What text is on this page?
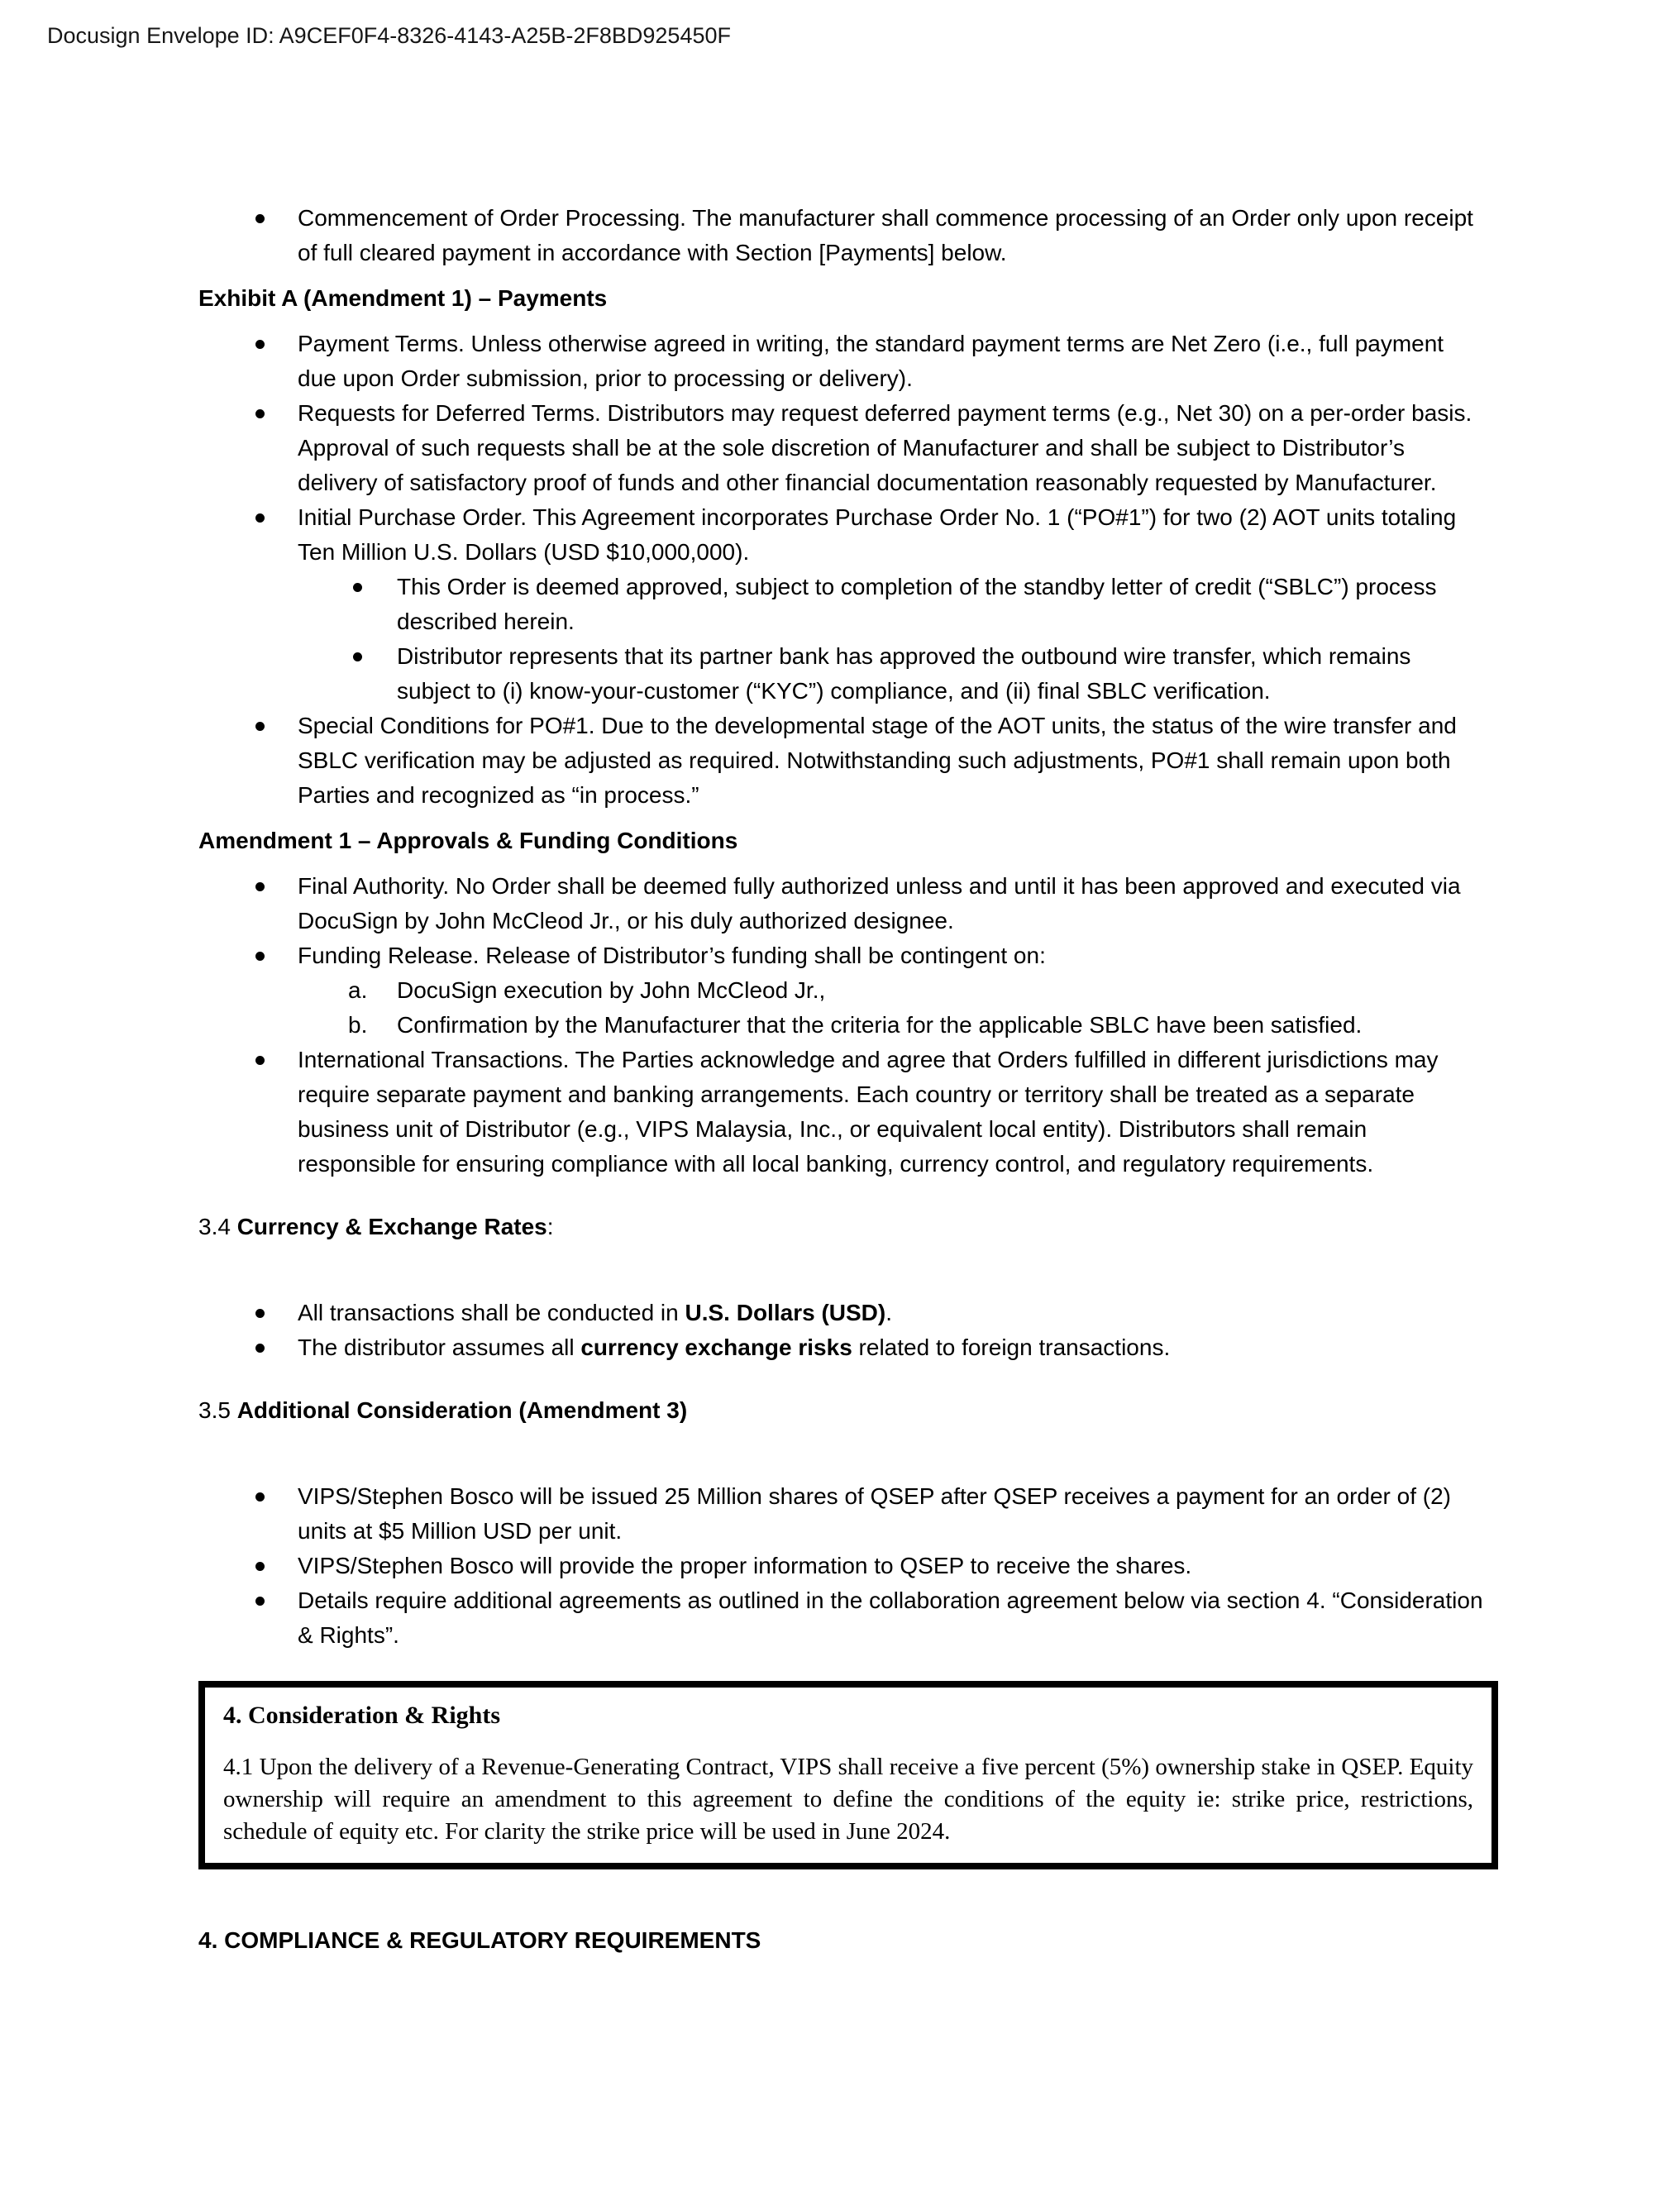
Docusign Envelope ID: A9CEF0F4-8326-4143-A25B-2F8BD925450F
Commencement of Order Processing. The manufacturer shall commence processing of an Order only upon receipt of full cleared payment in accordance with Section [Payments] below.
Exhibit A (Amendment 1) – Payments
Payment Terms. Unless otherwise agreed in writing, the standard payment terms are Net Zero (i.e., full payment due upon Order submission, prior to processing or delivery).
Requests for Deferred Terms. Distributors may request deferred payment terms (e.g., Net 30) on a per-order basis. Approval of such requests shall be at the sole discretion of Manufacturer and shall be subject to Distributor’s delivery of satisfactory proof of funds and other financial documentation reasonably requested by Manufacturer.
Initial Purchase Order. This Agreement incorporates Purchase Order No. 1 (“PO#1”) for two (2) AOT units totaling Ten Million U.S. Dollars (USD $10,000,000).
This Order is deemed approved, subject to completion of the standby letter of credit (“SBLC”) process described herein.
Distributor represents that its partner bank has approved the outbound wire transfer, which remains subject to (i) know-your-customer (“KYC”) compliance, and (ii) final SBLC verification.
Special Conditions for PO#1. Due to the developmental stage of the AOT units, the status of the wire transfer and SBLC verification may be adjusted as required. Notwithstanding such adjustments, PO#1 shall remain upon both Parties and recognized as “in process.”
Amendment 1 – Approvals & Funding Conditions
Final Authority. No Order shall be deemed fully authorized unless and until it has been approved and executed via DocuSign by John McCleod Jr., or his duly authorized designee.
Funding Release. Release of Distributor’s funding shall be contingent on:
a. DocuSign execution by John McCleod Jr.,
b. Confirmation by the Manufacturer that the criteria for the applicable SBLC have been satisfied.
International Transactions. The Parties acknowledge and agree that Orders fulfilled in different jurisdictions may require separate payment and banking arrangements. Each country or territory shall be treated as a separate business unit of Distributor (e.g., VIPS Malaysia, Inc., or equivalent local entity). Distributors shall remain responsible for ensuring compliance with all local banking, currency control, and regulatory requirements.
3.4 Currency & Exchange Rates:
All transactions shall be conducted in U.S. Dollars (USD).
The distributor assumes all currency exchange risks related to foreign transactions.
3.5 Additional Consideration (Amendment 3)
VIPS/Stephen Bosco will be issued 25 Million shares of QSEP after QSEP receives a payment for an order of (2) units at $5 Million USD per unit.
VIPS/Stephen Bosco will provide the proper information to QSEP to receive the shares.
Details require additional agreements as outlined in the collaboration agreement below via section 4. “Consideration & Rights”.
4. Consideration & Rights
4.1 Upon the delivery of a Revenue-Generating Contract, VIPS shall receive a five percent (5%) ownership stake in QSEP. Equity ownership will require an amendment to this agreement to define the conditions of the equity ie: strike price, restrictions, schedule of equity etc. For clarity the strike price will be used in June 2024.
4. COMPLIANCE & REGULATORY REQUIREMENTS
